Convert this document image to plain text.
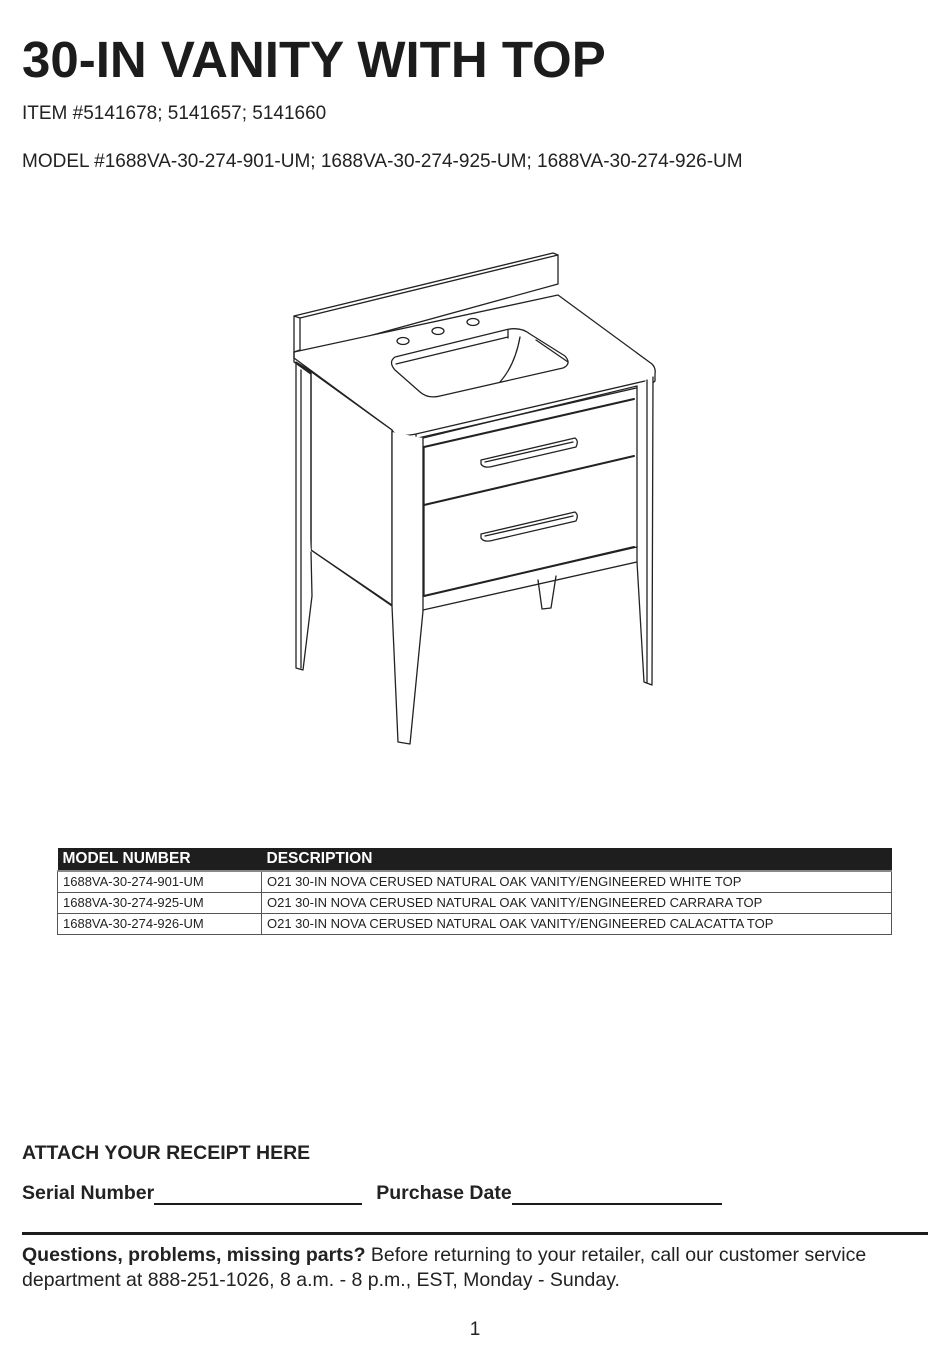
30-IN VANITY WITH TOP
ITEM #5141678; 5141657; 5141660
MODEL #1688VA-30-274-901-UM; 1688VA-30-274-925-UM; 1688VA-30-274-926-UM
MODEL NUMBER	DESCRIPTION
1688VA-30-274-901-UM	O21 30-IN NOVA CERUSED NATURAL OAK VANITY/ENGINEERED WHITE TOP
1688VA-30-274-925-UM	O21 30-IN NOVA CERUSED NATURAL OAK VANITY/ENGINEERED CARRARA TOP
1688VA-30-274-926-UM	O21 30-IN NOVA CERUSED NATURAL OAK VANITY/ENGINEERED CALACATTA TOP
ATTACH YOUR RECEIPT HERE
Serial Number	Purchase Date
Questions, problems, missing parts? Before returning to your retailer, call our customer service department at 888-251-1026, 8 a.m. - 8 p.m., EST, Monday - Sunday.
1
